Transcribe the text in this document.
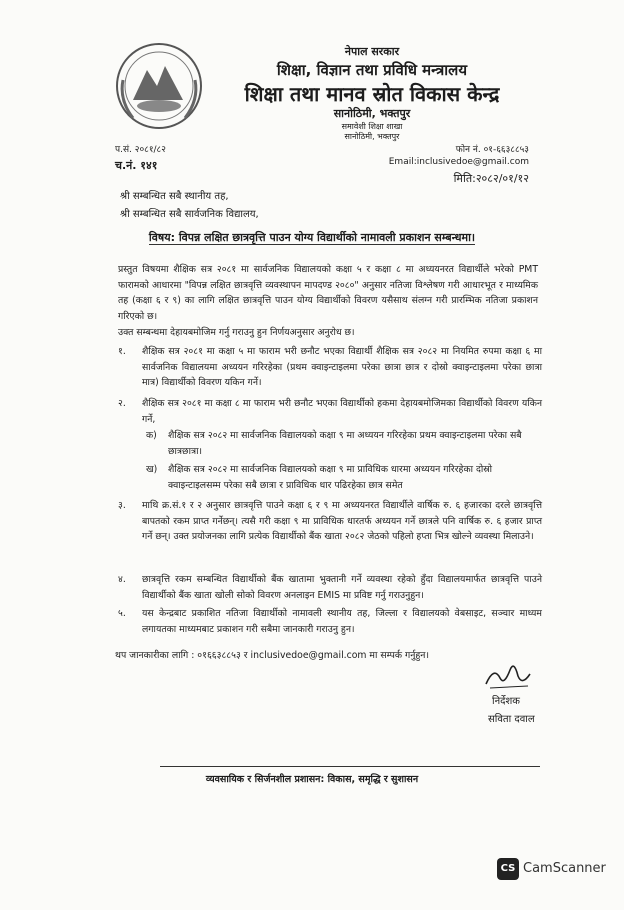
नेपाल सरकार
शिक्षा, विज्ञान तथा प्रविधि मन्त्रालय
शिक्षा तथा मानव स्रोत विकास केन्द्र
सानोठिमी, भक्तपुर
समावेशी शिक्षा शाखा
सानोठिमी, भक्तपुर
प.सं. २०८१/८२
च.नं. १४१
फोन नं. ०१-६६३८८५३
Email:inclusivedoe@gmail.com
मिति:२०८२/०१/१२
श्री सम्बन्धित सबै स्थानीय तह,
श्री सम्बन्धित सबै सार्वजनिक विद्यालय,
विषय: विपन्न लक्षित छात्रवृत्ति पाउन योग्य विद्यार्थीको नामावली प्रकाशन सम्बन्धमा।
प्रस्तुत विषयमा शैक्षिक सत्र २०८१ मा सार्वजनिक विद्यालयको कक्षा ५ र कक्षा ८ मा अध्ययनरत विद्यार्थीले भरेको PMT फारामको आधारमा "विपन्न लक्षित छात्रवृत्ति व्यवस्थापन मापदण्ड २०८०" अनुसार नतिजा विश्लेषण गरी आधारभूत र माध्यमिक तह (कक्षा ६ र ९) का लागि लक्षित छात्रवृत्ति पाउन योग्य विद्यार्थीको विवरण यसैसाथ संलग्न गरी प्रारम्भिक नतिजा प्रकाशन गरिएको छ।
उक्त सम्बन्धमा देहायबमोजिम गर्नु गराउनु हुन निर्णयअनुसार अनुरोध छ।
१.	शैक्षिक सत्र २०८१ मा कक्षा ५ मा फाराम भरी छनौट भएका विद्यार्थी शैक्षिक सत्र २०८२ मा नियमित रुपमा कक्षा ६ मा सार्वजनिक विद्यालयमा अध्ययन गरिरहेका (प्रथम क्वाइन्टाइलमा परेका छात्रा छात्र र दोस्रो क्वाइन्टाइलमा परेका छात्रा मात्र) विद्यार्थीको विवरण यकिन गर्ने।
२.	शैक्षिक सत्र २०८१ मा कक्षा ८ मा फाराम भरी छनौट भएका विद्यार्थीको हकमा देहायबमोजिमका विद्यार्थीको विवरण यकिन गर्ने,
क) शैक्षिक सत्र २०८२ मा सार्वजनिक विद्यालयको कक्षा ९ मा अध्ययन गरिरहेका प्रथम क्वाइन्टाइलमा परेका सबै छात्रछात्रा।
ख) शैक्षिक सत्र २०८२ मा सार्वजनिक विद्यालयको कक्षा ९ मा प्राविधिक धारमा अध्ययन गरिरहेका दोस्रो क्वाइन्टाइलसम्म परेका सबै छात्रा र प्राविधिक धार पढिरहेका छात्र समेत
३.	माथि क्र.सं.१ र २ अनुसार छात्रवृत्ति पाउने कक्षा ६ र ९ मा अध्ययनरत विद्यार्थीले वार्षिक रु. ६ हजारका दरले छात्रवृत्ति बापतको रकम प्राप्त गर्नेछन्। त्यसै गरी कक्षा ९ मा प्राविधिक धारतर्फ अध्ययन गर्ने छात्रले पनि वार्षिक रु. ६ हजार प्राप्त गर्ने छन्। उक्त प्रयोजनका लागि प्रत्येक विद्यार्थीको बैंक खाता २०८२ जेठको पहिलो हप्ता भित्र खोल्ने व्यवस्था मिलाउने।
४.	छात्रवृत्ति रकम सम्बन्धित विद्यार्थीको बैंक खातामा भुक्तानी गर्ने व्यवस्था रहेको हुँदा विद्यालयमार्फत छात्रवृत्ति पाउने विद्यार्थीको बैंक खाता खोली सोको विवरण अनलाइन EMIS मा प्रविष्ट गर्नु गराउनुहुन।
५.	यस केन्द्रबाट प्रकाशित नतिजा विद्यार्थीको नामावली स्थानीय तह, जिल्ला र विद्यालयको वेबसाइट, सञ्चार माध्यम लगायतका माध्यमबाट प्रकाशन गरी सबैमा जानकारी गराउनु हुन।
थप जानकारीका लागि : ०१६६३८८५३ र inclusivedoe@gmail.com मा सम्पर्क गर्नुहुन।
निर्देशक
सविता दवाल
व्यवसायिक र सिर्जनशील प्रशासन: विकास, समृद्धि र सुशासन
CS CamScanner
